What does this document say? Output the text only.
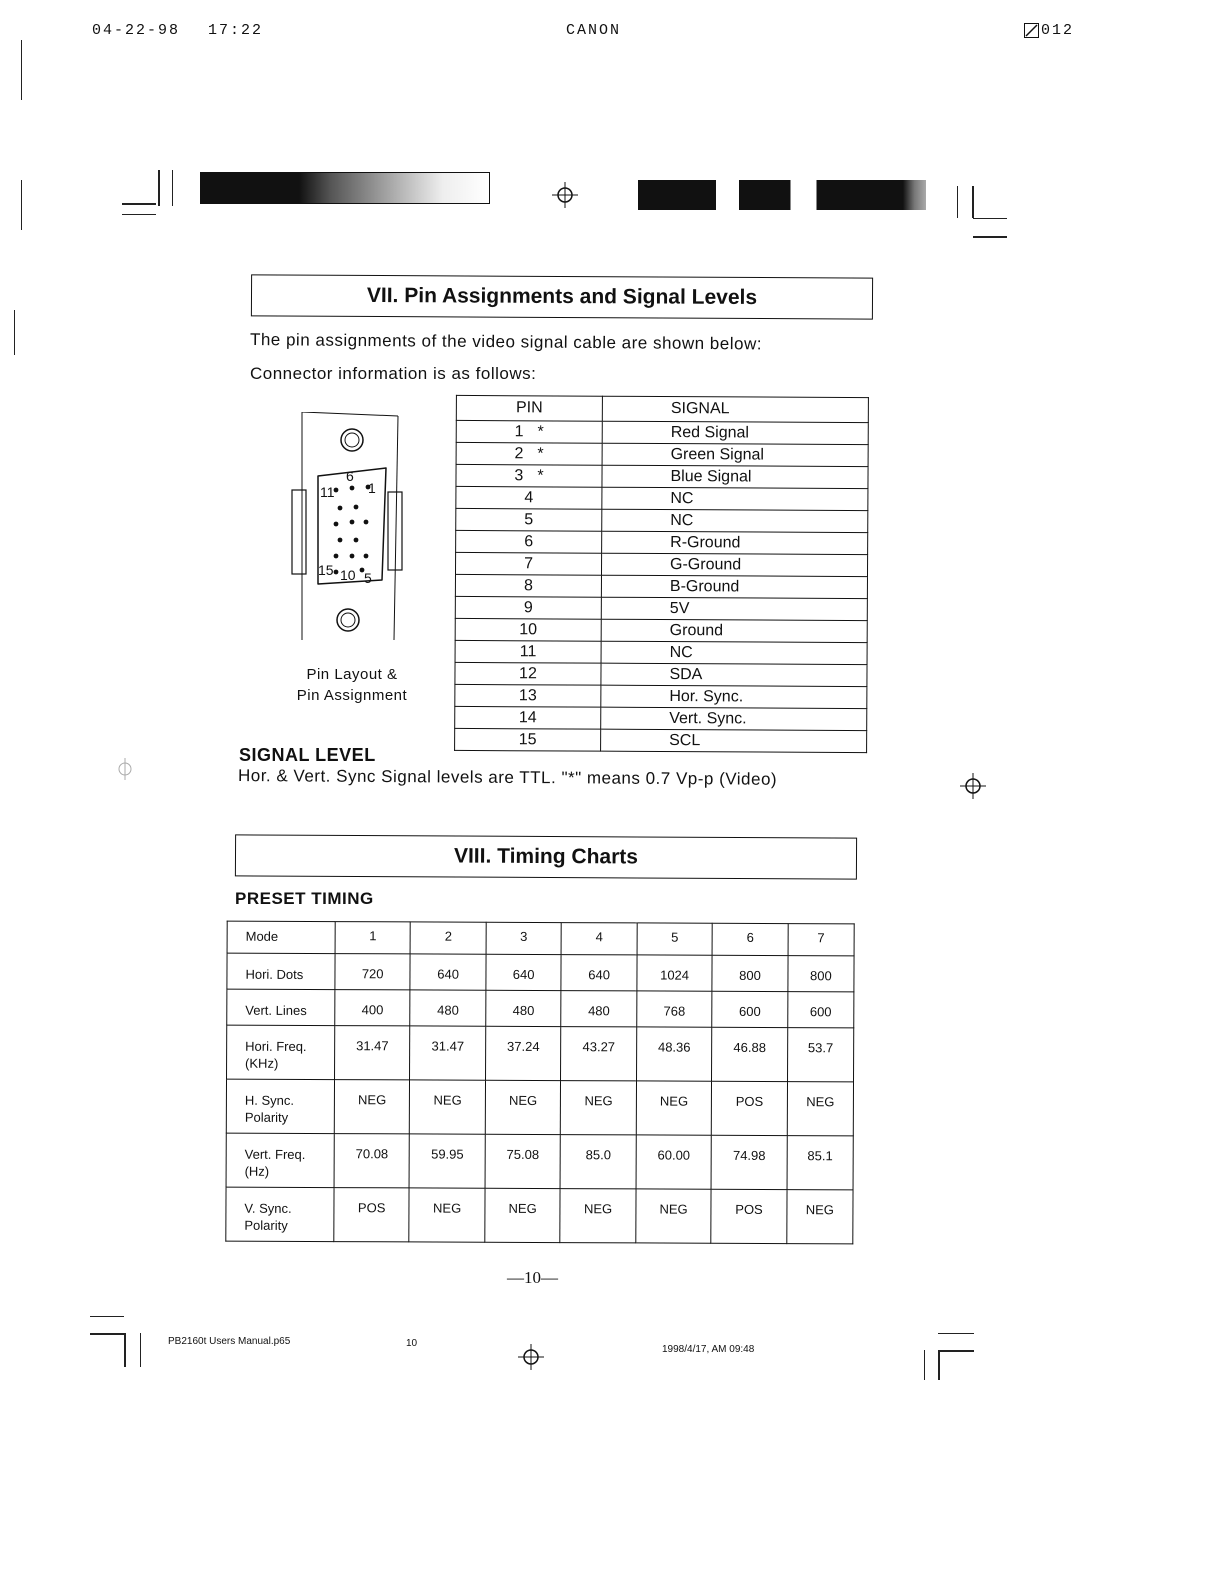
04-22-98 17:22	CANON	012
VII. Pin Assignments and Signal Levels
The pin assignments of the video signal cable are shown below:
Connector information is as follows:
6
1
11
15 10 5
Pin Layout &
Pin Assignment
PIN	SIGNAL
1 *	Red Signal
2 *	Green Signal
3 *	Blue Signal
4	NC
5	NC
6	R-Ground
7	G-Ground
8	B-Ground
9	5V
10	Ground
11	NC
12	SDA
13	Hor. Sync.
14	Vert. Sync.
15	SCL
SIGNAL LEVEL
Hor. & Vert. Sync Signal levels are TTL. "*" means 0.7 Vp-p (Video)
VIII. Timing Charts
PRESET TIMING
Mode	1	2	3	4	5	6	7
Hori. Dots	720	640	640	640	1024	800	800
Vert. Lines	400	480	480	480	768	600	600
Hori. Freq. (KHz)	31.47	31.47	37.24	43.27	48.36	46.88	53.7
H. Sync. Polarity	NEG	NEG	NEG	NEG	NEG	POS	NEG
Vert. Freq. (Hz)	70.08	59.95	75.08	85.0	60.00	74.98	85.1
V. Sync. Polarity	POS	NEG	NEG	NEG	NEG	POS	NEG
—10—
PB2160t Users Manual.p65	10
1998/4/17, AM 09:48
